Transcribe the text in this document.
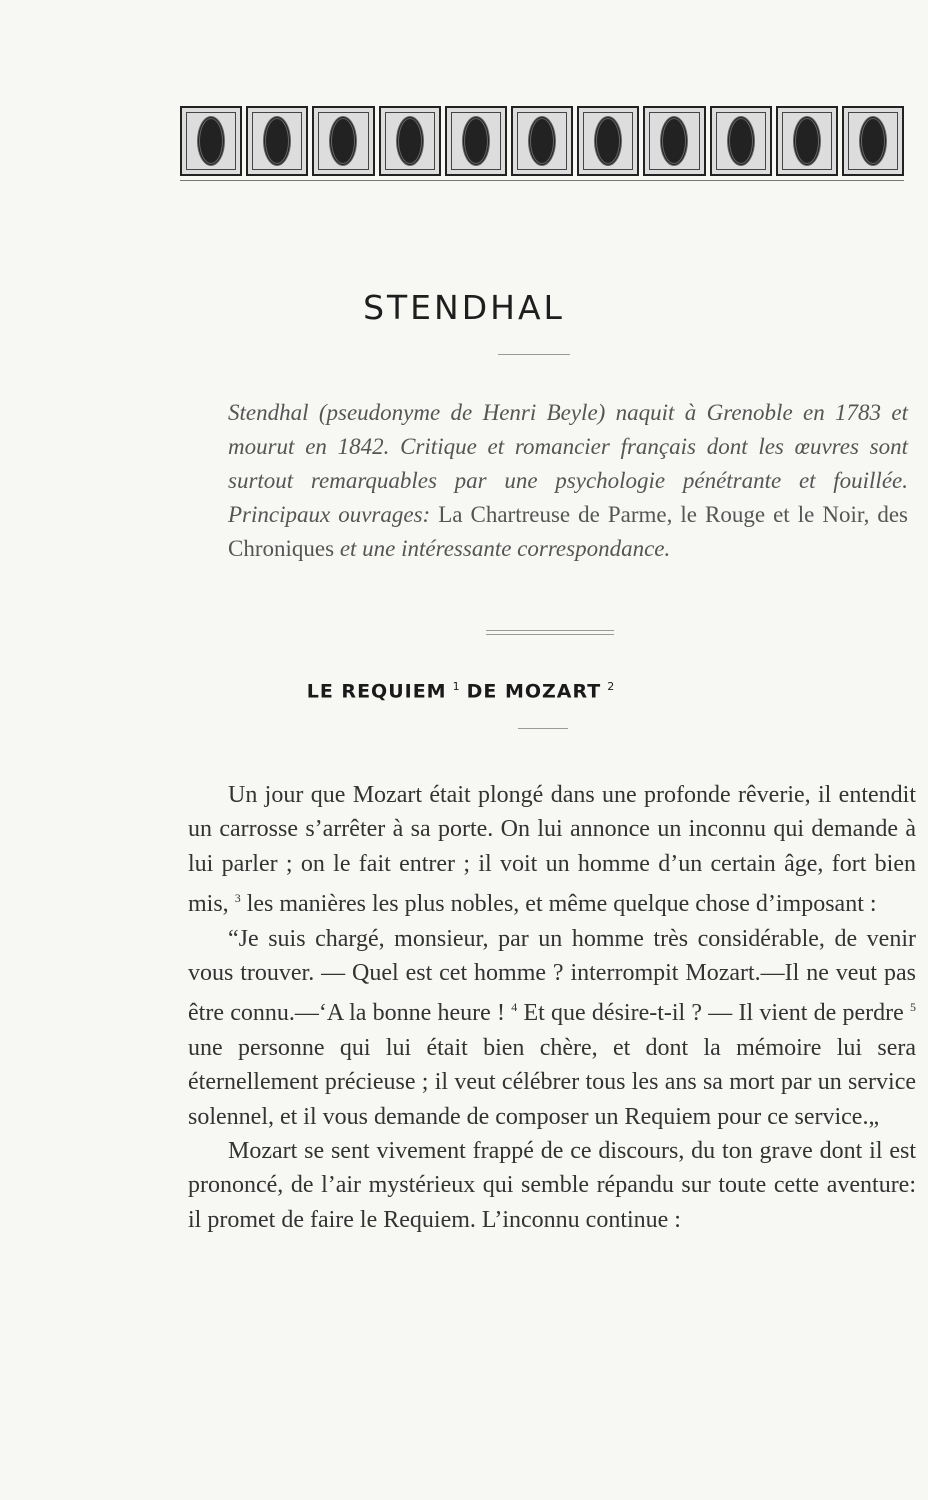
STENDHAL
Stendhal (pseudonyme de Henri Beyle) naquit à Grenoble en 1783 et mourut en 1842. Critique et romancier français dont les œuvres sont surtout remarquables par une psychologie pénétrante et fouillée. Principaux ouvrages: La Chartreuse de Parme, le Rouge et le Noir, des Chroniques et une intéressante correspondance.
LE REQUIEM $^1$ DE MOZART $^2$

Un jour que Mozart était plongé dans une profonde rêverie, il entendit un carrosse s’arrêter à sa porte. On lui annonce un inconnu qui demande à lui parler ; on le fait entrer ; il voit un homme d’un certain âge, fort bien mis, $^3$ les manières les plus nobles, et même quelque chose d’imposant :

“Je suis chargé, monsieur, par un homme très considérable, de venir vous trouver. — Quel est cet homme ? interrompit Mozart.—Il ne veut pas être connu.—‘A la bonne heure ! $^4$ Et que désire-t-il ? — Il vient de perdre $^5$ une personne qui lui était bien chère, et dont la mémoire lui sera éternellement précieuse ; il veut célébrer tous les ans sa mort par un service solennel, et il vous demande de composer un Requiem pour ce service.„

Mozart se sent vivement frappé de ce discours, du ton grave dont il est prononcé, de l’air mystérieux qui semble répandu sur toute cette aventure: il promet de faire le Requiem. L’inconnu continue :
